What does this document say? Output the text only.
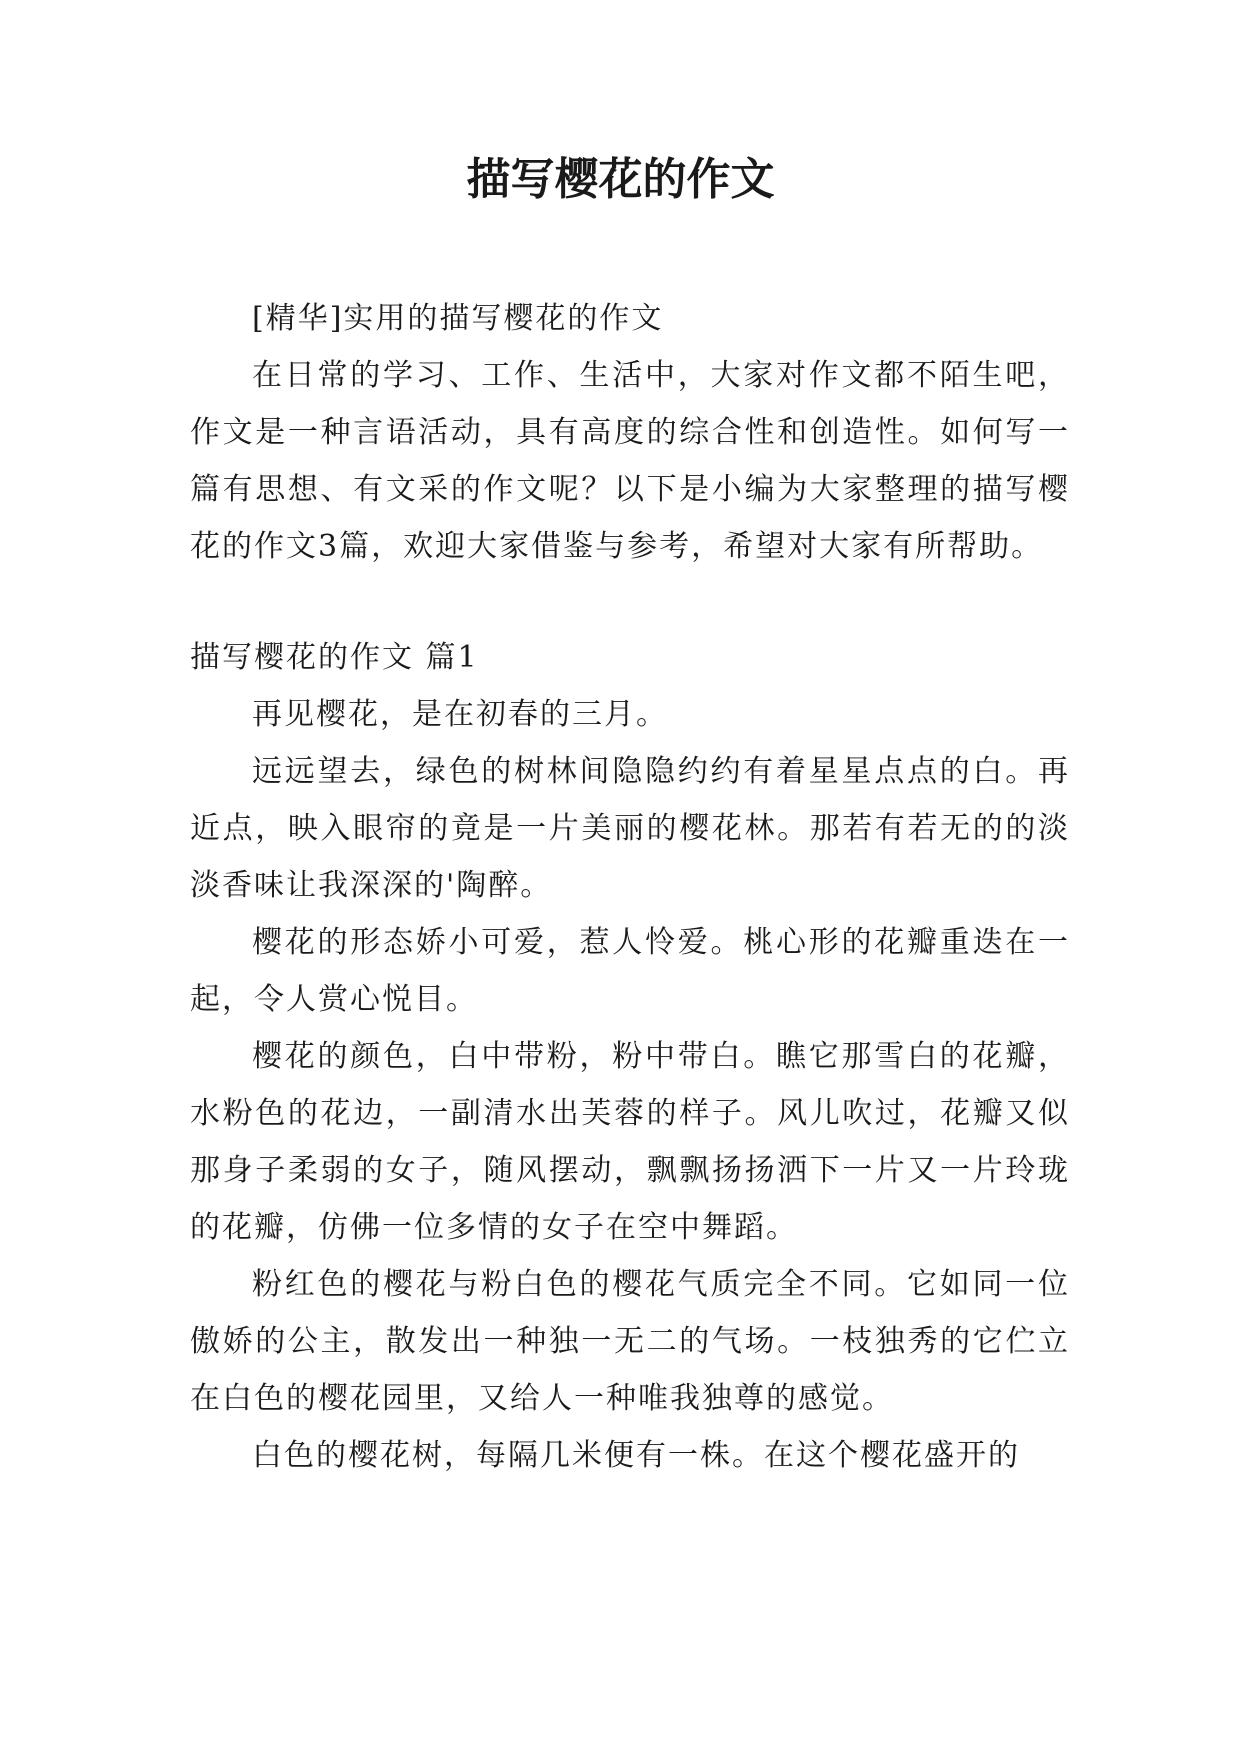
描写樱花的作文

[精华]实用的描写樱花的作文

在日常的学习、工作、生活中，大家对作文都不陌生吧，作文是一种言语活动，具有高度的综合性和创造性。如何写一篇有思想、有文采的作文呢？以下是小编为大家整理的描写樱花的作文3篇，欢迎大家借鉴与参考，希望对大家有所帮助。

描写樱花的作文 篇1

再见樱花，是在初春的三月。

远远望去，绿色的树林间隐隐约约有着星星点点的白。再近点，映入眼帘的竟是一片美丽的樱花林。那若有若无的的淡淡香味让我深深的'陶醉。

樱花的形态娇小可爱，惹人怜爱。桃心形的花瓣重迭在一起，令人赏心悦目。

樱花的颜色，白中带粉，粉中带白。瞧它那雪白的花瓣，水粉色的花边，一副清水出芙蓉的样子。风儿吹过，花瓣又似那身子柔弱的女子，随风摆动，飘飘扬扬洒下一片又一片玲珑的花瓣，仿佛一位多情的女子在空中舞蹈。

粉红色的樱花与粉白色的樱花气质完全不同。它如同一位傲娇的公主，散发出一种独一无二的气场。一枝独秀的它伫立在白色的樱花园里，又给人一种唯我独尊的感觉。

白色的樱花树，每隔几米便有一株。在这个樱花盛开的
